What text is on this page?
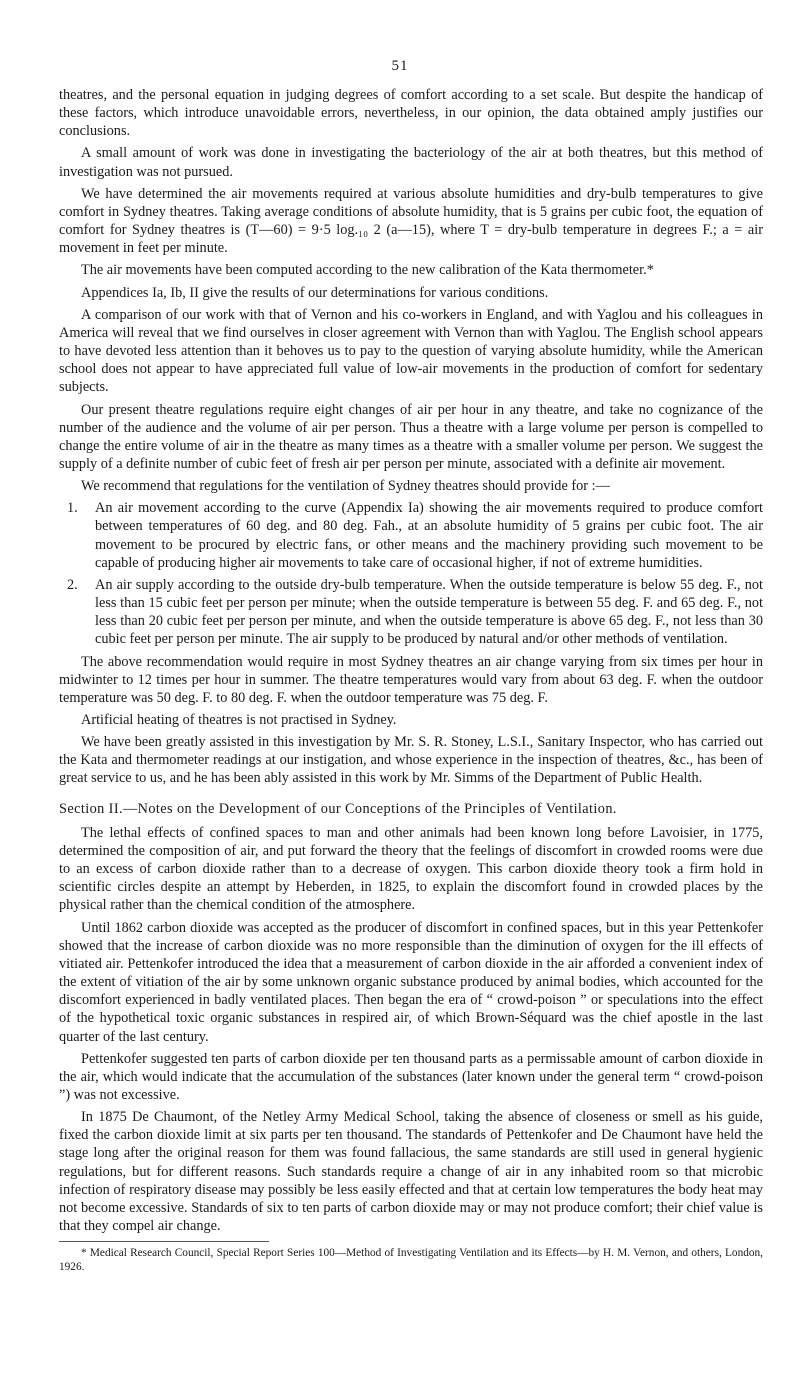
51

theatres, and the personal equation in judging degrees of comfort according to a set scale. But despite the handicap of these factors, which introduce unavoidable errors, nevertheless, in our opinion, the data obtained amply justifies our conclusions.

A small amount of work was done in investigating the bacteriology of the air at both theatres, but this method of investigation was not pursued.

We have determined the air movements required at various absolute humidities and dry-bulb temperatures to give comfort in Sydney theatres. Taking average conditions of absolute humidity, that is 5 grains per cubic foot, the equation of comfort for Sydney theatres is (T—60) = 9·5 log.₁₀ 2 (a—15), where T = dry-bulb temperature in degrees F.; a = air movement in feet per minute.

The air movements have been computed according to the new calibration of the Kata thermometer.*

Appendices Ia, Ib, II give the results of our determinations for various conditions.

A comparison of our work with that of Vernon and his co-workers in England, and with Yaglou and his colleagues in America will reveal that we find ourselves in closer agreement with Vernon than with Yaglou. The English school appears to have devoted less attention than it behoves us to pay to the question of varying absolute humidity, while the American school does not appear to have appreciated full value of low-air movements in the production of comfort for sedentary subjects.

Our present theatre regulations require eight changes of air per hour in any theatre, and take no cognizance of the number of the audience and the volume of air per person. Thus a theatre with a large volume per person is compelled to change the entire volume of air in the theatre as many times as a theatre with a smaller volume per person. We suggest the supply of a definite number of cubic feet of fresh air per person per minute, associated with a definite air movement.

We recommend that regulations for the ventilation of Sydney theatres should provide for :—

1. An air movement according to the curve (Appendix Ia) showing the air movements required to produce comfort between temperatures of 60 deg. and 80 deg. Fah., at an absolute humidity of 5 grains per cubic foot. The air movement to be procured by electric fans, or other means and the machinery providing such movement to be capable of producing higher air movements to take care of occasional higher, if not of extreme humidities.
2. An air supply according to the outside dry-bulb temperature. When the outside temperature is below 55 deg. F., not less than 15 cubic feet per person per minute; when the outside temperature is between 55 deg. F. and 65 deg. F., not less than 20 cubic feet per person per minute, and when the outside temperature is above 65 deg. F., not less than 30 cubic feet per person per minute. The air supply to be produced by natural and/or other methods of ventilation.

The above recommendation would require in most Sydney theatres an air change varying from six times per hour in midwinter to 12 times per hour in summer. The theatre temperatures would vary from about 63 deg. F. when the outdoor temperature was 50 deg. F. to 80 deg. F. when the outdoor temperature was 75 deg. F.

Artificial heating of theatres is not practised in Sydney.

We have been greatly assisted in this investigation by Mr. S. R. Stoney, L.S.I., Sanitary Inspector, who has carried out the Kata and thermometer readings at our instigation, and whose experience in the inspection of theatres, &c., has been of great service to us, and he has been ably assisted in this work by Mr. Simms of the Department of Public Health.

Section II.—Notes on the Development of our Conceptions of the Principles of Ventilation.

The lethal effects of confined spaces to man and other animals had been known long before Lavoisier, in 1775, determined the composition of air, and put forward the theory that the feelings of discomfort in crowded rooms were due to an excess of carbon dioxide rather than to a decrease of oxygen. This carbon dioxide theory took a firm hold in scientific circles despite an attempt by Heberden, in 1825, to explain the discomfort found in crowded places by the physical rather than the chemical condition of the atmosphere.

Until 1862 carbon dioxide was accepted as the producer of discomfort in confined spaces, but in this year Pettenkofer showed that the increase of carbon dioxide was no more responsible than the diminution of oxygen for the ill effects of vitiated air. Pettenkofer introduced the idea that a measurement of carbon dioxide in the air afforded a convenient index of the extent of vitiation of the air by some unknown organic substance produced by animal bodies, which accounted for the discomfort experienced in badly ventilated places. Then began the era of “ crowd-poison ” or speculations into the effect of the hypothetical toxic organic substances in respired air, of which Brown-Séquard was the chief apostle in the last quarter of the last century.

Pettenkofer suggested ten parts of carbon dioxide per ten thousand parts as a permissable amount of carbon dioxide in the air, which would indicate that the accumulation of the substances (later known under the general term “ crowd-poison ”) was not excessive.

In 1875 De Chaumont, of the Netley Army Medical School, taking the absence of closeness or smell as his guide, fixed the carbon dioxide limit at six parts per ten thousand. The standards of Pettenkofer and De Chaumont have held the stage long after the original reason for them was found fallacious, the same standards are still used in general hygienic regulations, but for different reasons. Such standards require a change of air in any inhabited room so that microbic infection of respiratory disease may possibly be less easily effected and that at certain low temperatures the body heat may not become excessive. Standards of six to ten parts of carbon dioxide may or may not produce comfort; their chief value is that they compel air change.

* Medical Research Council, Special Report Series 100—Method of Investigating Ventilation and its Effects—by H. M. Vernon, and others, London, 1926.
